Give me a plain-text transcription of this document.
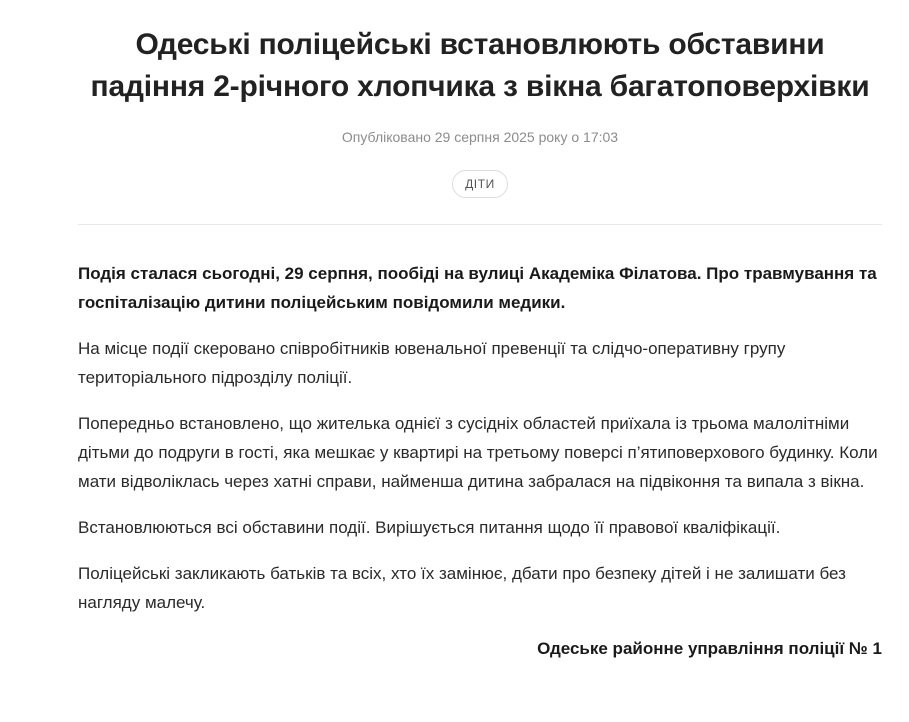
Одеські поліцейські встановлюють обставини падіння 2-річного хлопчика з вікна багатоповерхівки
Опубліковано 29 серпня 2025 року о 17:03
ДІТИ

Подія сталася сьогодні, 29 серпня, пообіді на вулиці Академіка Філатова. Про травмування та госпіталізацію дитини поліцейським повідомили медики.

На місце події скеровано співробітників ювенальної превенції та слідчо-оперативну групу територіального підрозділу поліції.

Попередньо встановлено, що жителька однієї з сусідніх областей приїхала із трьома малолітніми дітьми до подруги в гості, яка мешкає у квартирі на третьому поверсі п’ятиповерхового будинку. Коли мати відволіклась через хатні справи, найменша дитина забралася на підвіконня та випала з вікна.

Встановлюються всі обставини події. Вирішується питання щодо її правової кваліфікації.

Поліцейські закликають батьків та всіх, хто їх замінює, дбати про безпеку дітей і не залишати без нагляду малечу.

Одеське районне управління поліції № 1
